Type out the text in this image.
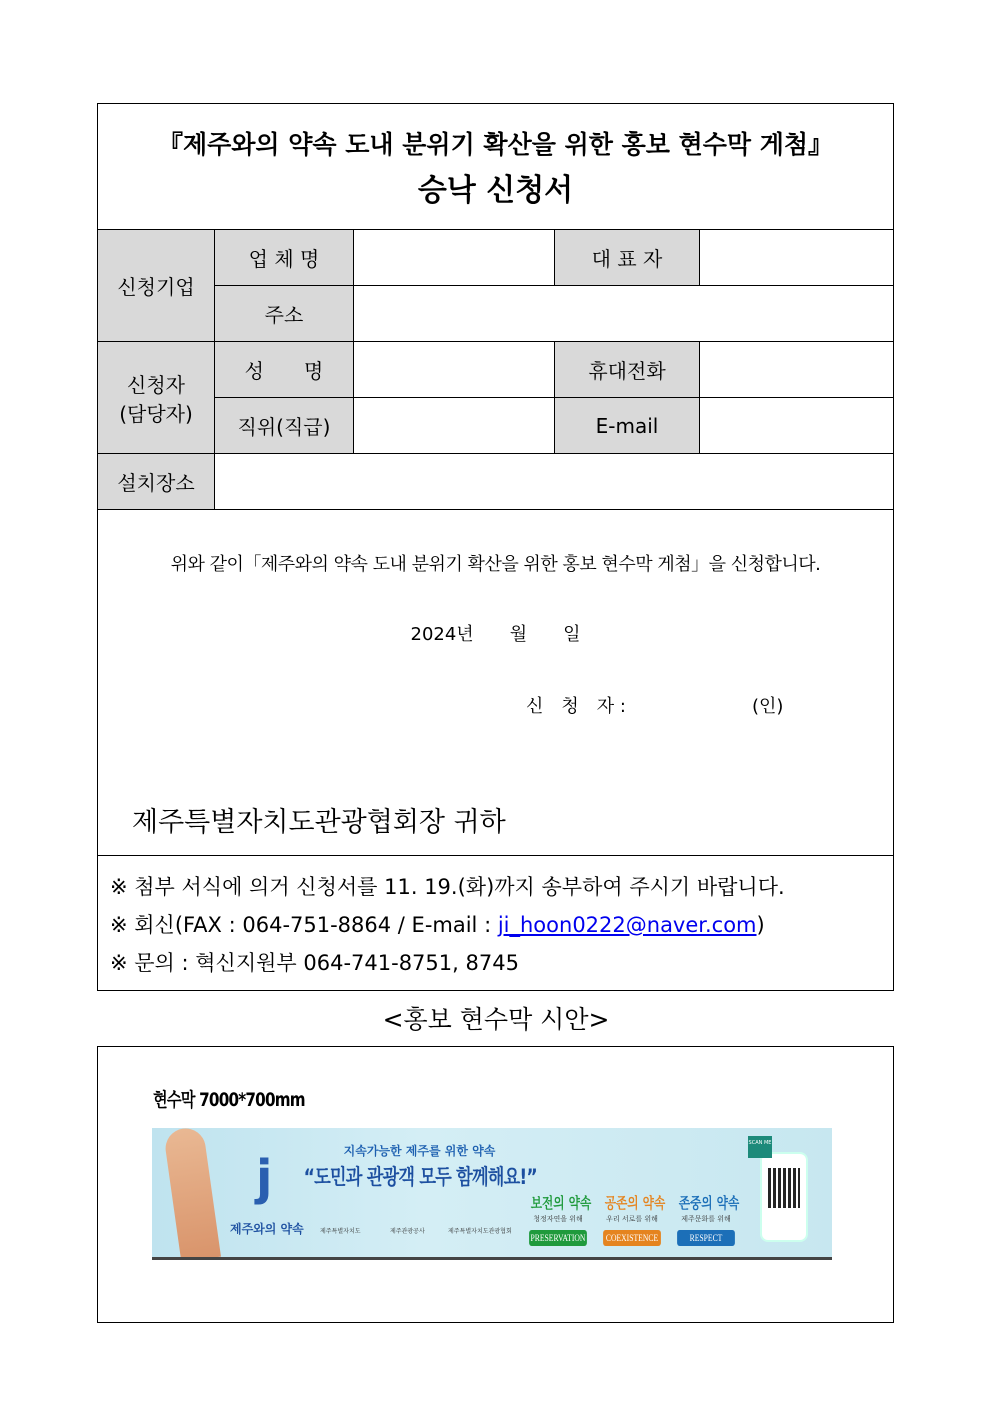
『제주와의 약속 도내 분위기 확산을 위한 홍보 현수막 게첨』
승낙 신청서				

신청기업	업 체 명		대 표 자	
	주소			

신청자
(담당자)	성　　명		휴대전화	
	직위(직급)		E-mail	
설치장소				

위와 같이「제주와의 약속 도내 분위기 확산을 위한 홍보 현수막 게첨」을 신청합니다.
2024년　　월　　일
신　청　자 :　　　　　　　(인)
제주특별자치도관광협회장 귀하				

※ 첨부 서식에 의거 신청서를 11. 19.(화)까지 송부하여 주시기 바랍니다.
※ 회신(FAX : 064-751-8864 / E-mail : ji_hoon0222@naver.com)
※ 문의 : 혁신지원부 064-741-8751, 8745				
<홍보 현수막 시안>
현수막 7000*700mm
j
제주와의 약속
지속가능한 제주를 위한 약속
“도민과 관광객 모두 함께해요!”
제주특별자치도	제주관광공사	제주특별자치도관광협회
보전의 약속
청정자연을 위해
PRESERVATION
공존의 약속
우리 서로를 위해
COEXISTENCE
존중의 약속
제주문화를 위해
RESPECT
SCAN ME
